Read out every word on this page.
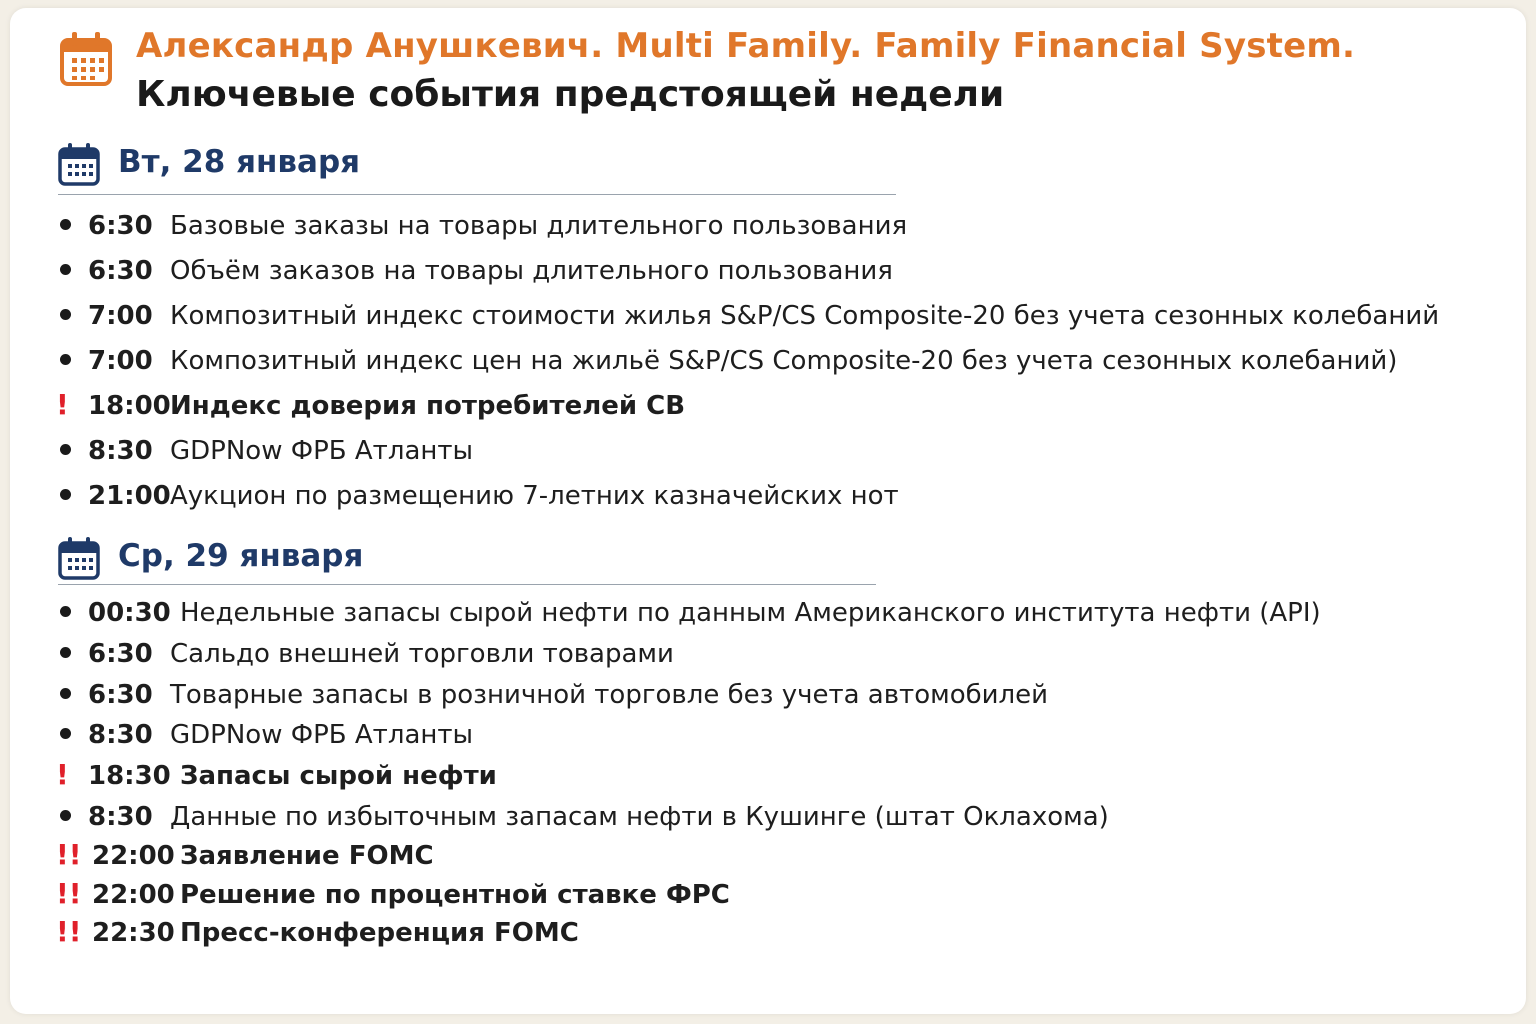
Александр Анушкевич. Multi Family. Family Financial System.
Ключевые события предстоящей недели
Вт, 28 января
6:30 Базовые заказы на товары длительного пользования
6:30 Объём заказов на товары длительного пользования
7:00 Композитный индекс стоимости жилья S&P/CS Composite-20 без учета сезонных колебаний
7:00 Композитный индекс цен на жильё S&P/CS Composite-20 без учета сезонных колебаний)
! 18:00 Индекс доверия потребителей CB
8:30 GDPNow ФРБ Атланты
21:00 Аукцион по размещению 7-летних казначейских нот
Ср, 29 января
00:30 Недельные запасы сырой нефти по данным Американского института нефти (API)
6:30 Сальдо внешней торговли товарами
6:30 Товарные запасы в розничной торговле без учета автомобилей
8:30 GDPNow ФРБ Атланты
! 18:30 Запасы сырой нефти
8:30 Данные по избыточным запасам нефти в Кушинге (штат Оклахома)
!! 22:00 Заявление FOMC
!! 22:00 Решение по процентной ставке ФРС
!! 22:30 Пресс-конференция FOMC
